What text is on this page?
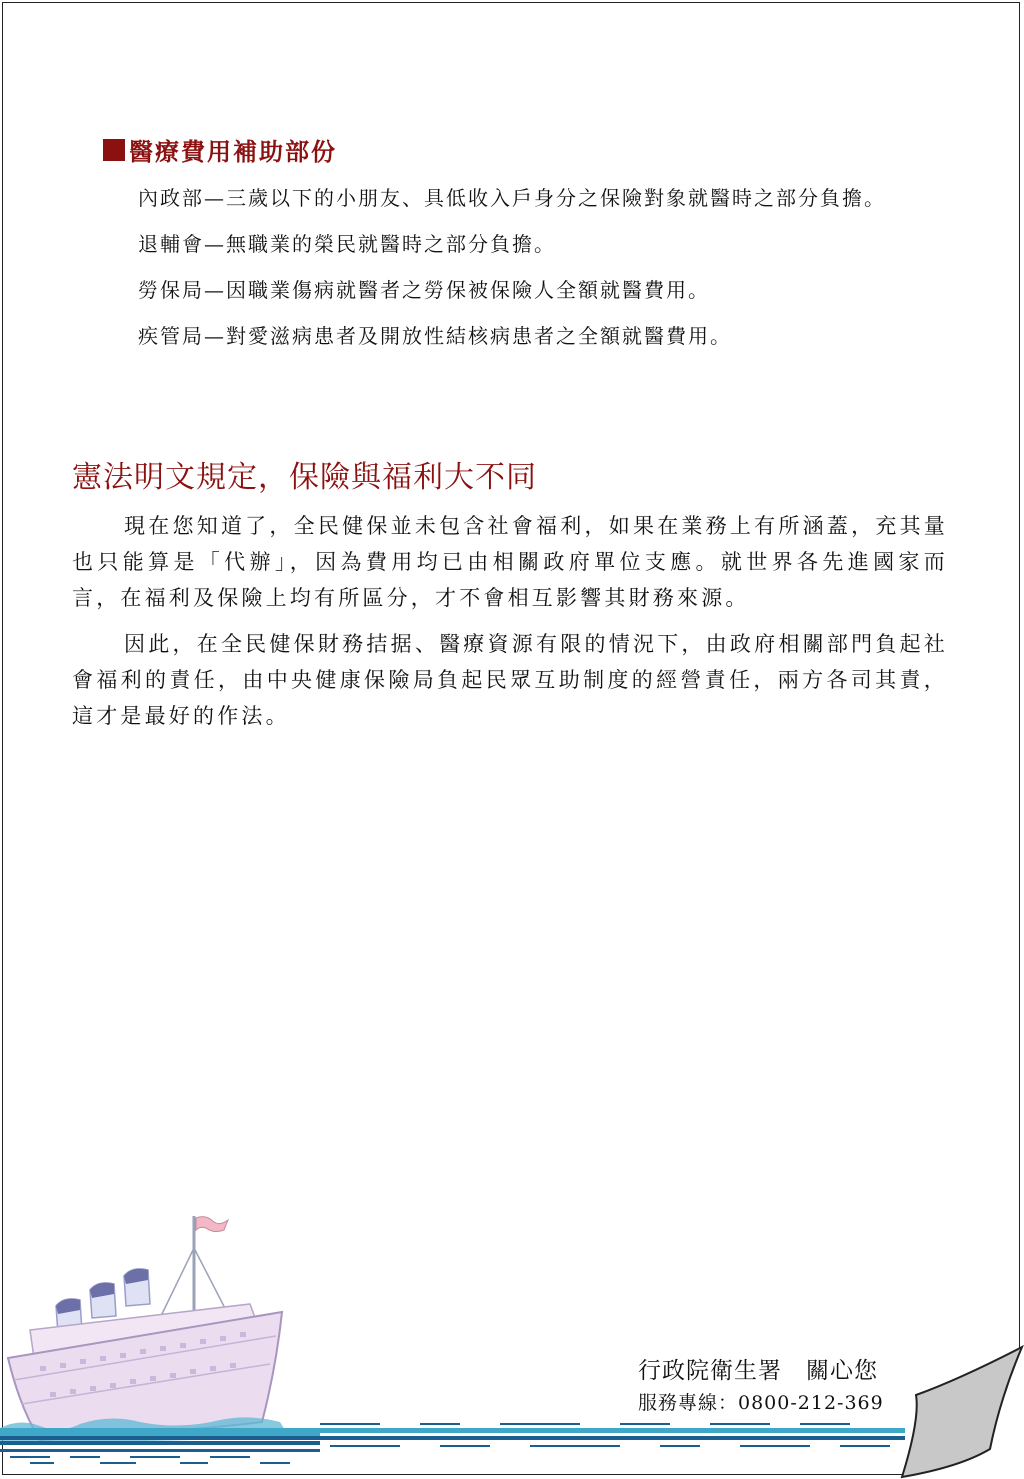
醫療費用補助部份
內政部 — 三歲以下的小朋友、具低收入戶身分之保險對象就醫時之部分負擔。
退輔會 — 無職業的榮民就醫時之部分負擔。
勞保局 — 因職業傷病就醫者之勞保被保險人全額就醫費用。
疾管局 — 對愛滋病患者及開放性結核病患者之全額就醫費用。
憲法明文規定，保險與福利大不同

現在您知道了，全民健保並未包含社會福利，如果在業務上有所涵蓋，充其量也只能算是「代辦」，因為費用均已由相關政府單位支應。就世界各先進國家而言，在福利及保險上均有所區分，才不會相互影響其財務來源。

因此，在全民健保財務拮据、醫療資源有限的情況下，由政府相關部門負起社會福利的責任，由中央健康保險局負起民眾互助制度的經營責任，兩方各司其責，這才是最好的作法。

行政院衛生署　關心您
服務專線：0800-212-369
